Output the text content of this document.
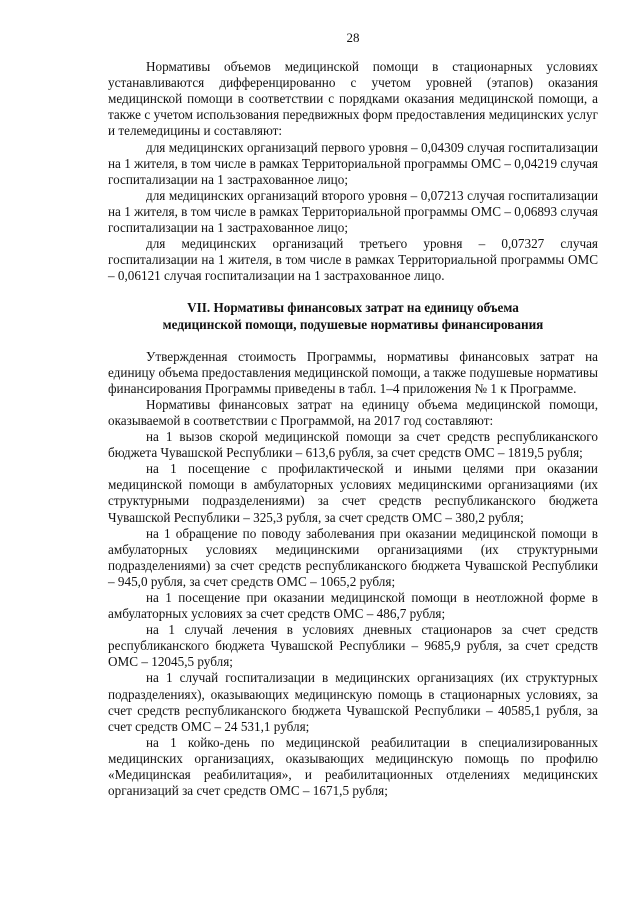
28

Нормативы объемов медицинской помощи в стационарных условиях устанавливаются дифференцированно с учетом уровней (этапов) оказания медицинской помощи в соответствии с порядками оказания медицинской помощи, а также с учетом использования передвижных форм предоставления медицинских услуг и телемедицины и составляют:

для медицинских организаций первого уровня – 0,04309 случая госпитализации на 1 жителя, в том числе в рамках Территориальной программы ОМС – 0,04219 случая госпитализации на 1 застрахованное лицо;

для медицинских организаций второго уровня – 0,07213 случая госпитализации на 1 жителя, в том числе в рамках Территориальной программы ОМС – 0,06893 случая госпитализации на 1 застрахованное лицо;

для медицинских организаций третьего уровня – 0,07327 случая госпитализации на 1 жителя, в том числе в рамках Территориальной программы ОМС – 0,06121 случая госпитализации на 1 застрахованное лицо.

VII. Нормативы финансовых затрат на единицу объема
медицинской помощи, подушевые нормативы финансирования

Утвержденная стоимость Программы, нормативы финансовых затрат на единицу объема предоставления медицинской помощи, а также подушевые нормативы финансирования Программы приведены в табл. 1–4 приложения № 1 к Программе.

Нормативы финансовых затрат на единицу объема медицинской помощи, оказываемой в соответствии с Программой, на 2017 год составляют:

на 1 вызов скорой медицинской помощи за счет средств республиканского бюджета Чувашской Республики – 613,6 рубля, за счет средств ОМС – 1819,5 рубля;

на 1 посещение с профилактической и иными целями при оказании медицинской помощи в амбулаторных условиях медицинскими организациями (их структурными подразделениями) за счет средств республиканского бюджета Чувашской Республики – 325,3 рубля, за счет средств ОМС – 380,2 рубля;

на 1 обращение по поводу заболевания при оказании медицинской помощи в амбулаторных условиях медицинскими организациями (их структурными подразделениями) за счет средств республиканского бюджета Чувашской Республики – 945,0 рубля, за счет средств ОМС – 1065,2 рубля;

на 1 посещение при оказании медицинской помощи в неотложной форме в амбулаторных условиях за счет средств ОМС – 486,7 рубля;

на 1 случай лечения в условиях дневных стационаров за счет средств республиканского бюджета Чувашской Республики – 9685,9 рубля, за счет средств ОМС – 12045,5 рубля;

на 1 случай госпитализации в медицинских организациях (их структурных подразделениях), оказывающих медицинскую помощь в стационарных условиях, за счет средств республиканского бюджета Чувашской Республики – 40585,1 рубля, за счет средств ОМС – 24 531,1 рубля;

на 1 койко-день по медицинской реабилитации в специализированных медицинских организациях, оказывающих медицинскую помощь по профилю «Медицинская реабилитация», и реабилитационных отделениях медицинских организаций за счет средств ОМС – 1671,5 рубля;
